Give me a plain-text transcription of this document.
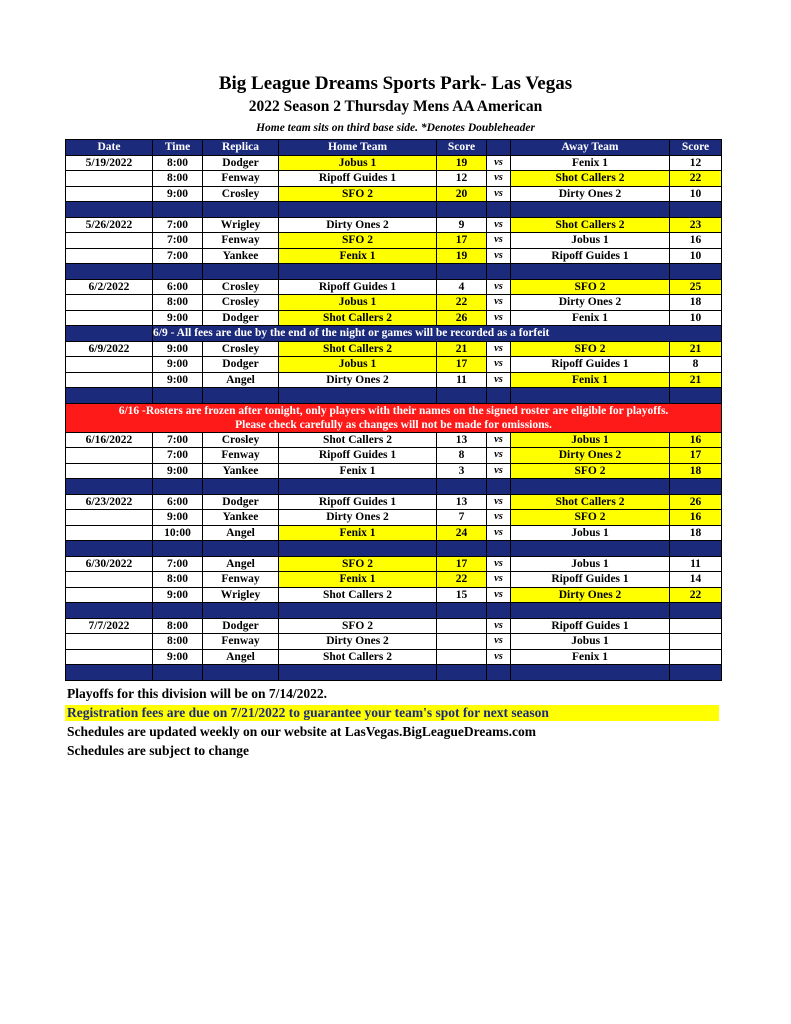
Big League Dreams Sports Park- Las Vegas
2022 Season 2 Thursday Mens AA American
Home team sits on third base side. *Denotes Doubleheader
Date	Time	Replica	Home Team	Score		Away Team	Score
5/19/2022	8:00	Dodger	Jobus 1	19	vs	Fenix 1	12
	8:00	Fenway	Ripoff Guides 1	12	vs	Shot Callers 2	22
	9:00	Crosley	SFO 2	20	vs	Dirty Ones 2	10

5/26/2022	7:00	Wrigley	Dirty Ones 2	9	vs	Shot Callers 2	23
	7:00	Fenway	SFO 2	17	vs	Jobus 1	16
	7:00	Yankee	Fenix 1	19	vs	Ripoff Guides 1	10

6/2/2022	6:00	Crosley	Ripoff Guides 1	4	vs	SFO 2	25
	8:00	Crosley	Jobus 1	22	vs	Dirty Ones 2	18
	9:00	Dodger	Shot Callers 2	26	vs	Fenix 1	10
	6/9 - All fees are due by the end of the night or games will be recorded as a forfeit						
6/9/2022	9:00	Crosley	Shot Callers 2	21	vs	SFO 2	21
	9:00	Dodger	Jobus 1	17	vs	Ripoff Guides 1	8
	9:00	Angel	Dirty Ones 2	11	vs	Fenix 1	21

6/16 -Rosters are frozen after tonight, only players with their names on the signed roster are eligible for playoffs.
Please check carefully as changes will not be made for omissions.							

6/16/2022	7:00	Crosley	Shot Callers 2	13	vs	Jobus 1	16
	7:00	Fenway	Ripoff Guides 1	8	vs	Dirty Ones 2	17
	9:00	Yankee	Fenix 1	3	vs	SFO 2	18

6/23/2022	6:00	Dodger	Ripoff Guides 1	13	vs	Shot Callers 2	26
	9:00	Yankee	Dirty Ones 2	7	vs	SFO 2	16
	10:00	Angel	Fenix 1	24	vs	Jobus 1	18

6/30/2022	7:00	Angel	SFO 2	17	vs	Jobus 1	11
	8:00	Fenway	Fenix 1	22	vs	Ripoff Guides 1	14
	9:00	Wrigley	Shot Callers 2	15	vs	Dirty Ones 2	22

7/7/2022	8:00	Dodger	SFO 2		vs	Ripoff Guides 1	
	8:00	Fenway	Dirty Ones 2		vs	Jobus 1	
	9:00	Angel	Shot Callers 2		vs	Fenix 1	

Playoffs for this division will be on 7/14/2022.
Registration fees are due on 7/21/2022 to guarantee your team's spot for next season
Schedules are updated weekly on our website at LasVegas.BigLeagueDreams.com
Schedules are subject to change
